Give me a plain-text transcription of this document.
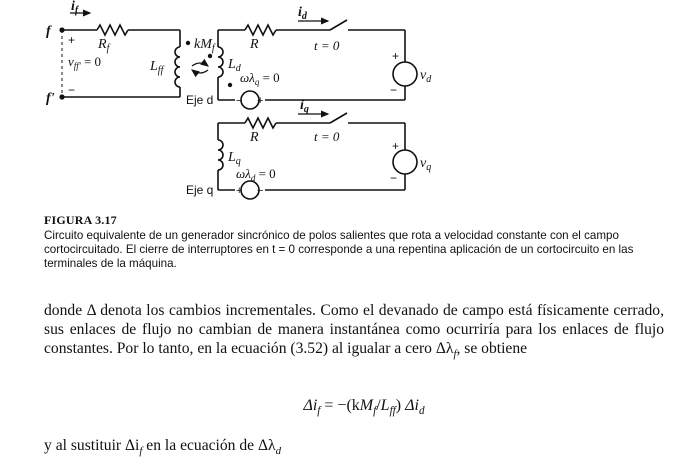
f
f'
$i_f$
$R_f$
+
−
$v_{ff'} = 0$	$L_{ff}$
$kM_f$
$L_d$
R
$i_d$
t = 0
+
−
$v_d$
$\omega\lambda_q = 0$
− +
Eje d
R
$i_q$
t = 0
$L_q$
+
−
$v_q$
$\omega\lambda_d = 0$
+ −
Eje q
FIGURA 3.17
Circuito equivalente de un generador sincrónico de polos salientes que rota a velocidad constante con el campo cortocircuitado. El cierre de interruptores en t = 0 corresponde a una repentina aplicación de un cortocircuito en las terminales de la máquina.
donde Δ denota los cambios incrementales. Como el devanado de campo está físicamente cerrado, sus enlaces de flujo no cambian de manera instantánea como ocurriría para los enlaces de flujo constantes. Por lo tanto, en la ecuación (3.52) al igualar a cero $\Delta\lambda_f$, se obtiene
$\Delta i_f = -(kM_f/L_{ff})$ $\Delta i_d$
y al sustituir $\Delta i_f$ en la ecuación de $\Delta\lambda_d$
